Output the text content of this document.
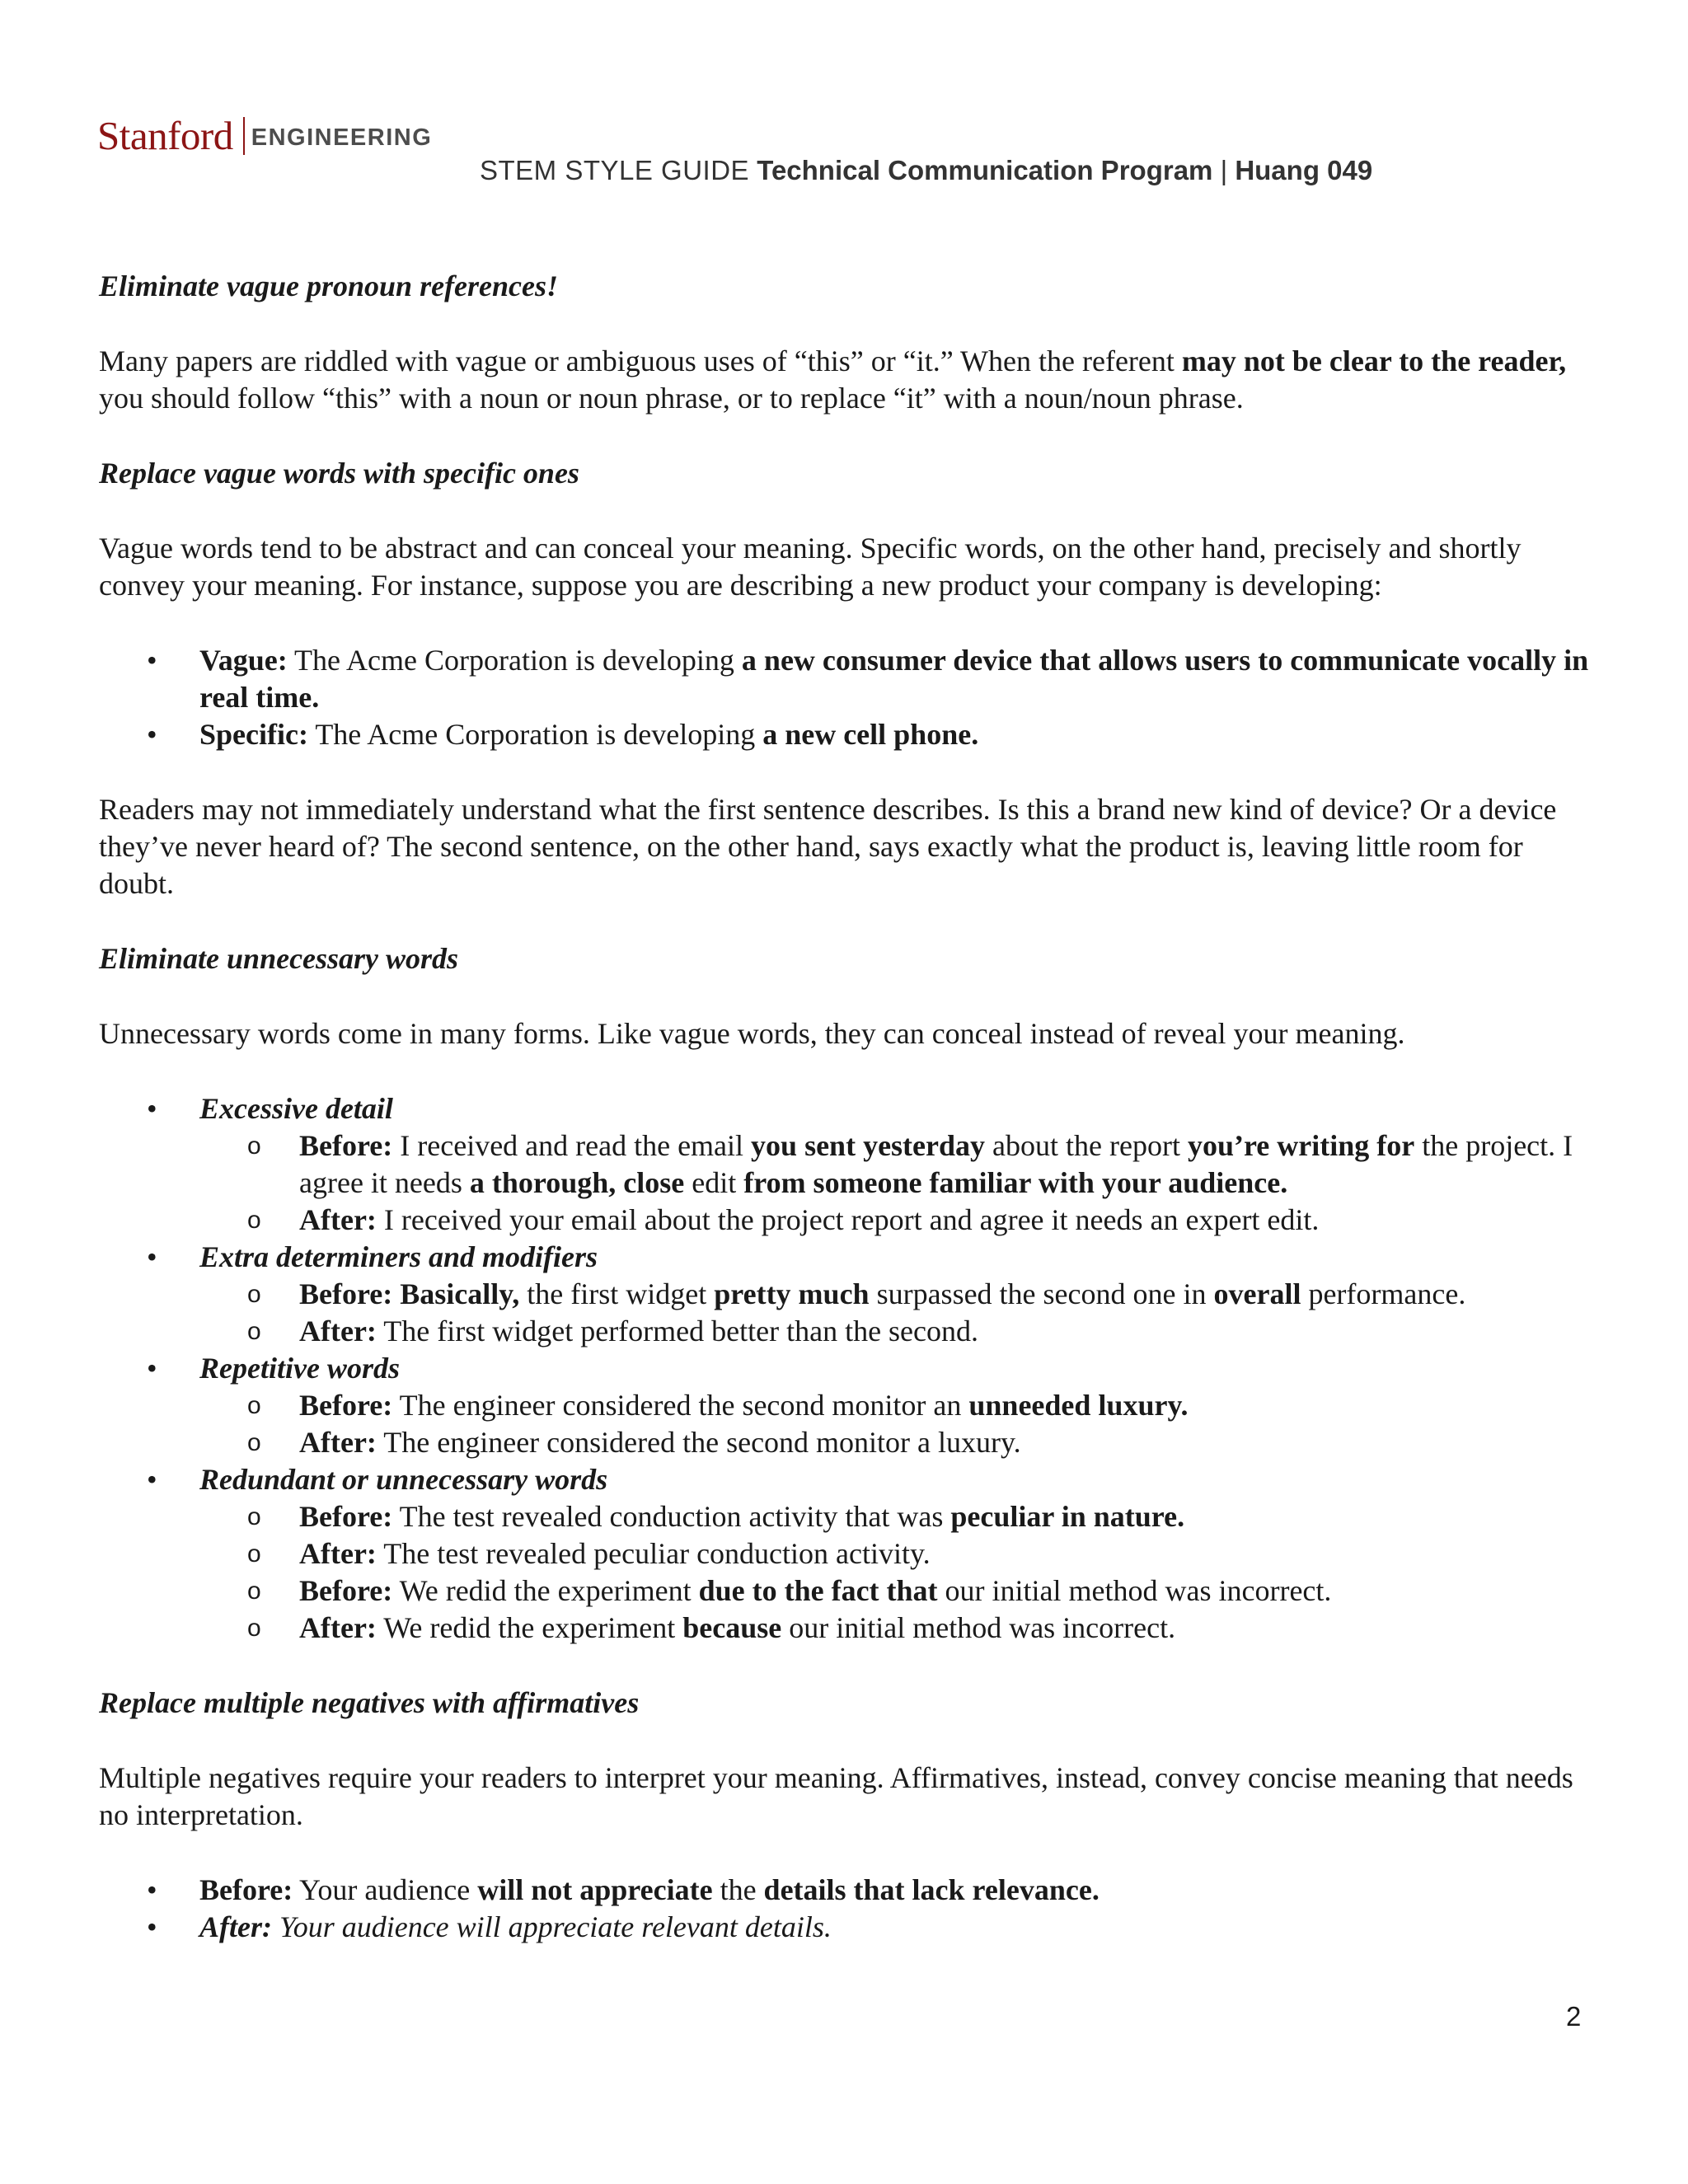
Stanford ENGINEERING
STEM STYLE GUIDE Technical Communication Program | Huang 049
Eliminate vague pronoun references!

Many papers are riddled with vague or ambiguous uses of “this” or “it.” When the referent may not be clear to the reader, you should follow “this” with a noun or noun phrase, or to replace “it” with a noun/noun phrase.

Replace vague words with specific ones

Vague words tend to be abstract and can conceal your meaning. Specific words, on the other hand, precisely and shortly convey your meaning. For instance, suppose you are describing a new product your company is developing:

• Vague: The Acme Corporation is developing a new consumer device that allows users to communicate vocally in real time.
• Specific: The Acme Corporation is developing a new cell phone.

Readers may not immediately understand what the first sentence describes. Is this a brand new kind of device? Or a device they’ve never heard of? The second sentence, on the other hand, says exactly what the product is, leaving little room for doubt.

Eliminate unnecessary words

Unnecessary words come in many forms. Like vague words, they can conceal instead of reveal your meaning.

• Excessive detail
o Before: I received and read the email you sent yesterday about the report you’re writing for the project. I agree it needs a thorough, close edit from someone familiar with your audience.
o After: I received your email about the project report and agree it needs an expert edit.
• Extra determiners and modifiers
o Before: Basically, the first widget pretty much surpassed the second one in overall performance.
o After: The first widget performed better than the second.
• Repetitive words
o Before: The engineer considered the second monitor an unneeded luxury.
o After: The engineer considered the second monitor a luxury.
• Redundant or unnecessary words
o Before: The test revealed conduction activity that was peculiar in nature.
o After: The test revealed peculiar conduction activity.
o Before: We redid the experiment due to the fact that our initial method was incorrect.
o After: We redid the experiment because our initial method was incorrect.
Replace multiple negatives with affirmatives

Multiple negatives require your readers to interpret your meaning. Affirmatives, instead, convey concise meaning that needs no interpretation.

• Before: Your audience will not appreciate the details that lack relevance.
• After: Your audience will appreciate relevant details.
2
